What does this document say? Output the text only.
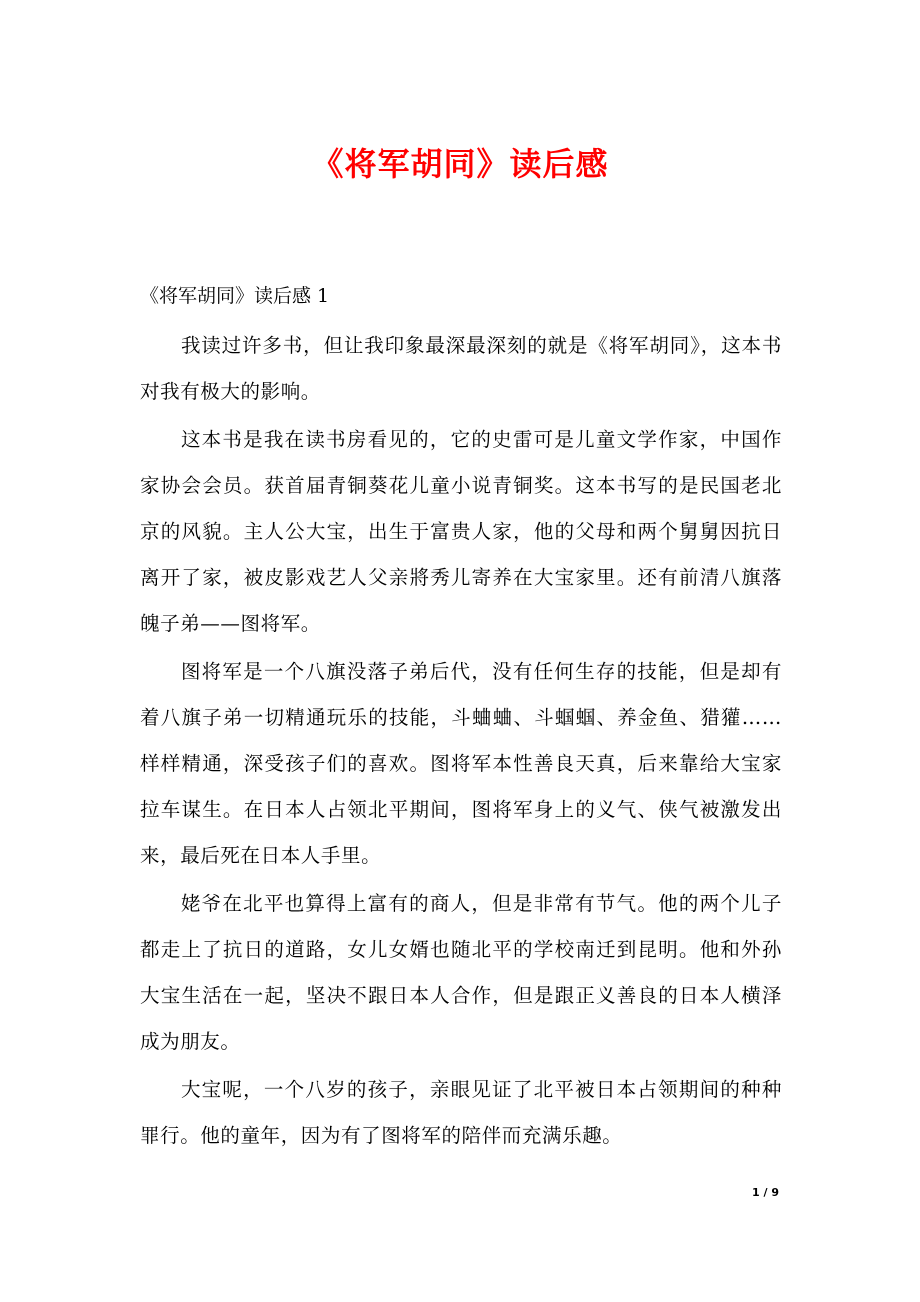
《将军胡同》读后感

《将军胡同》读后感 1

我读过许多书，但让我印象最深最深刻的就是《将军胡同》，这本书对我有极大的影响。

这本书是我在读书房看见的，它的史雷可是儿童文学作家，中国作家协会会员。获首届青铜葵花儿童小说青铜奖。这本书写的是民国老北京的风貌。主人公大宝，出生于富贵人家，他的父母和两个舅舅因抗日离开了家，被皮影戏艺人父亲將秀儿寄养在大宝家里。还有前清八旗落魄子弟——图将军。

图将军是一个八旗没落子弟后代，没有任何生存的技能，但是却有着八旗子弟一切精通玩乐的技能，斗蛐蛐、斗蝈蝈、养金鱼、猎獾……样样精通，深受孩子们的喜欢。图将军本性善良天真，后来靠给大宝家拉车谋生。在日本人占领北平期间，图将军身上的义气、侠气被激发出来，最后死在日本人手里。

姥爷在北平也算得上富有的商人，但是非常有节气。他的两个儿子都走上了抗日的道路，女儿女婿也随北平的学校南迁到昆明。他和外孙大宝生活在一起，坚决不跟日本人合作，但是跟正义善良的日本人横泽成为朋友。

大宝呢，一个八岁的孩子，亲眼见证了北平被日本占领期间的种种罪行。他的童年，因为有了图将军的陪伴而充满乐趣。

1 / 9
